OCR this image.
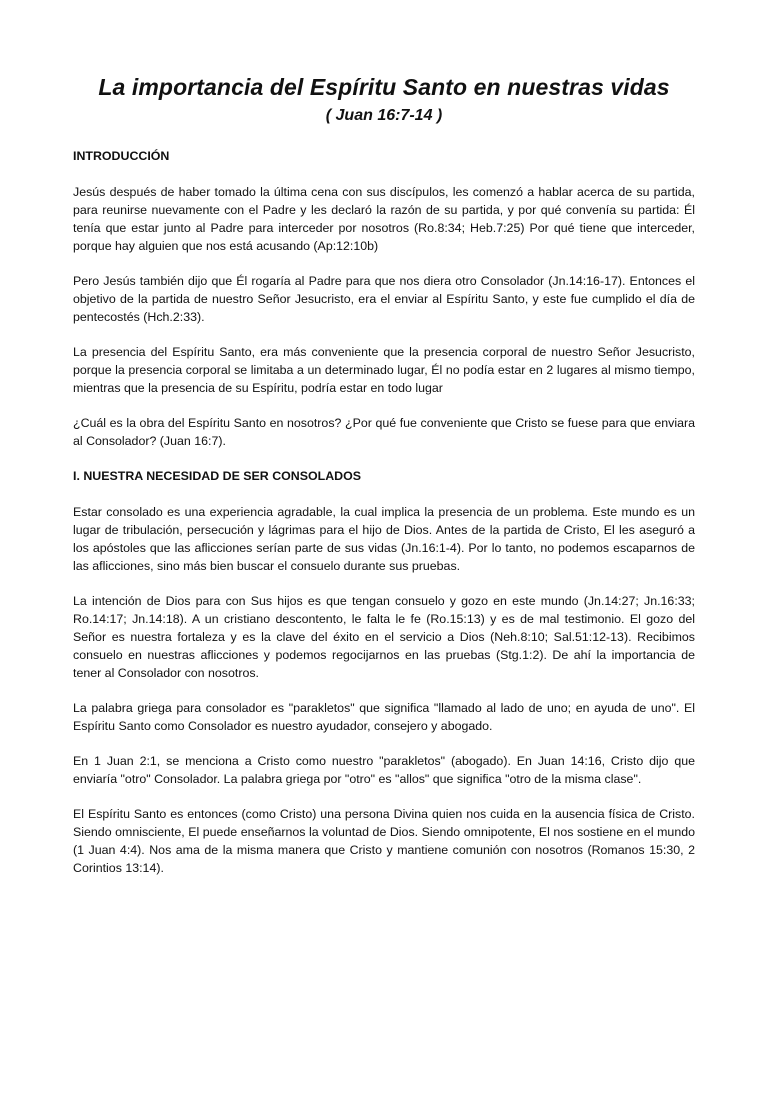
La importancia del Espíritu Santo en nuestras vidas
( Juan 16:7-14 )
INTRODUCCIÓN

Jesús después de haber tomado la última cena con sus discípulos, les comenzó a hablar acerca de su partida, para reunirse nuevamente con el Padre y les declaró la razón de su partida, y por qué convenía su partida: Él tenía que estar junto al Padre para interceder por nosotros (Ro.8:34; Heb.7:25) Por qué tiene que interceder, porque hay alguien que nos está acusando (Ap:12:10b)

Pero Jesús también dijo que Él rogaría al Padre para que nos diera otro Consolador (Jn.14:16-17). Entonces el objetivo de la partida de nuestro Señor Jesucristo, era el enviar al Espíritu Santo, y este fue cumplido el día de pentecostés (Hch.2:33).

La presencia del Espíritu Santo, era más conveniente que la presencia corporal de nuestro Señor Jesucristo, porque la presencia corporal se limitaba a un determinado lugar, Él no podía estar en 2 lugares al mismo tiempo, mientras que la presencia de su Espíritu, podría estar en todo lugar

¿Cuál es la obra del Espíritu Santo en nosotros? ¿Por qué fue conveniente que Cristo se fuese para que enviara al Consolador? (Juan 16:7).

I. NUESTRA NECESIDAD DE SER CONSOLADOS

Estar consolado es una experiencia agradable, la cual implica la presencia de un problema. Este mundo es un lugar de tribulación, persecución y lágrimas para el hijo de Dios. Antes de la partida de Cristo, El les aseguró a los apóstoles que las aflicciones serían parte de sus vidas (Jn.16:1-4). Por lo tanto, no podemos escaparnos de las aflicciones, sino más bien buscar el consuelo durante sus pruebas.

La intención de Dios para con Sus hijos es que tengan consuelo y gozo en este mundo (Jn.14:27; Jn.16:33; Ro.14:17; Jn.14:18). A un cristiano descontento, le falta le fe (Ro.15:13) y es de mal testimonio. El gozo del Señor es nuestra fortaleza y es la clave del éxito en el servicio a Dios (Neh.8:10; Sal.51:12-13). Recibimos consuelo en nuestras aflicciones y podemos regocijarnos en las pruebas (Stg.1:2). De ahí la importancia de tener al Consolador con nosotros.

La palabra griega para consolador es "parakletos" que significa "llamado al lado de uno; en ayuda de uno". El Espíritu Santo como Consolador es nuestro ayudador, consejero y abogado.

En 1 Juan 2:1, se menciona a Cristo como nuestro "parakletos" (abogado). En Juan 14:16, Cristo dijo que enviaría "otro" Consolador. La palabra griega por "otro" es "allos" que significa "otro de la misma clase".

El Espíritu Santo es entonces (como Cristo) una persona Divina quien nos cuida en la ausencia física de Cristo. Siendo omnisciente, El puede enseñarnos la voluntad de Dios. Siendo omnipotente, El nos sostiene en el mundo (1 Juan 4:4). Nos ama de la misma manera que Cristo y mantiene comunión con nosotros (Romanos 15:30, 2 Corintios 13:14).
